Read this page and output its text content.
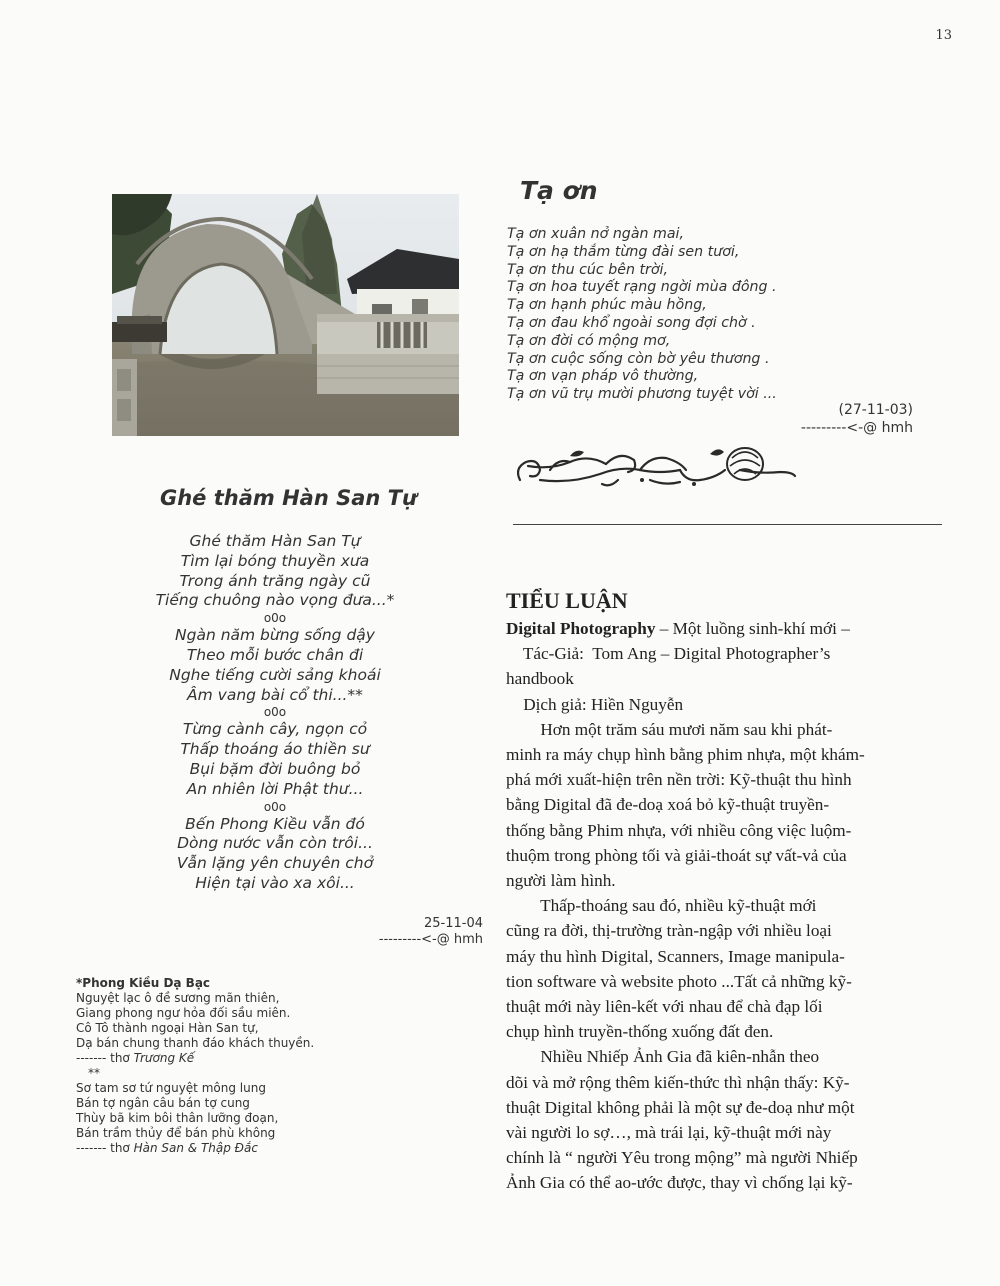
13
Tạ ơn
Tạ ơn xuân nở ngàn mai,
Tạ ơn hạ thắm từng đài sen tươi,
Tạ ơn thu cúc bên trời,
Tạ ơn hoa tuyết rạng ngời mùa đông .
Tạ ơn hạnh phúc màu hồng,
Tạ ơn đau khổ ngoài song đợi chờ .
Tạ ơn đời có mộng mơ,
Tạ ơn cuộc sống còn bờ yêu thương .
Tạ ơn vạn pháp vô thường,
Tạ ơn vũ trụ mười phương tuyệt vời ...
(27-11-03)
---------<-@ hmh
Ghé thăm Hàn San Tự
Ghé thăm Hàn San Tự
Tìm lại bóng thuyền xưa
Trong ánh trăng ngày cũ
Tiếng chuông nào vọng đưa...*
o0o
Ngàn năm bừng sống dậy
Theo mỗi bước chân đi
Nghe tiếng cười sảng khoái
Âm vang bài cổ thi...**
o0o
Từng cành cây, ngọn cỏ
Thấp thoáng áo thiền sư
Bụi bặm đời buông bỏ
An nhiên lời Phật thư...
o0o
Bến Phong Kiều vẫn đó
Dòng nước vẫn còn trôi...
Vẫn lặng yên chuyên chở
Hiện tại vào xa xôi...
25-11-04
---------<-@ hmh
*Phong Kiều Dạ Bạc
Nguyệt lạc ô đề sương mãn thiên,
Giang phong ngư hỏa đối sầu miên.
Cô Tô thành ngoại Hàn San tự,
Dạ bán chung thanh đáo khách thuyền.
------- thơ Trương Kế
**
Sơ tam sơ tứ nguyệt mông lung
Bán tợ ngân câu bán tợ cung
Thùy bã kim bôi thân lưỡng đoạn,
Bán trầm thủy để bán phù không
------- thơ Hàn San & Thập Đắc
TIỂU LUẬN
Digital Photography – Một luồng sinh-khí mới –
Tác-Giả:  Tom Ang – Digital Photographer’s
handbook
Dịch giả: Hiền Nguyễn
Hơn một trăm sáu mươi năm sau khi phát-
minh ra máy chụp hình bằng phim nhựa, một khám-
phá mới xuất-hiện trên nền trời: Kỹ-thuật thu hình
bằng Digital đã đe-doạ xoá bỏ kỹ-thuật truyền-
thống bằng Phim nhựa, với nhiều công việc luộm-
thuộm trong phòng tối và giải-thoát sự vất-vả của
người làm hình.
Thấp-thoáng sau đó, nhiều kỹ-thuật mới
cũng ra đời, thị-trường tràn-ngập với nhiều loại
máy thu hình Digital, Scanners, Image manipula-
tion software và website photo ...Tất cả những kỹ-
thuật mới này liên-kết với nhau để chà đạp lối
chụp hình truyền-thống xuống đất đen.
Nhiều Nhiếp Ảnh Gia đã kiên-nhẫn theo
dõi và mở rộng thêm kiến-thức thì nhận thấy: Kỹ-
thuật Digital không phải là một sự đe-doạ như một
vài người lo sợ…, mà trái lại, kỹ-thuật mới này
chính là “ người Yêu trong mộng” mà người Nhiếp
Ảnh Gia có thể ao-ước được, thay vì chống lại kỹ-
